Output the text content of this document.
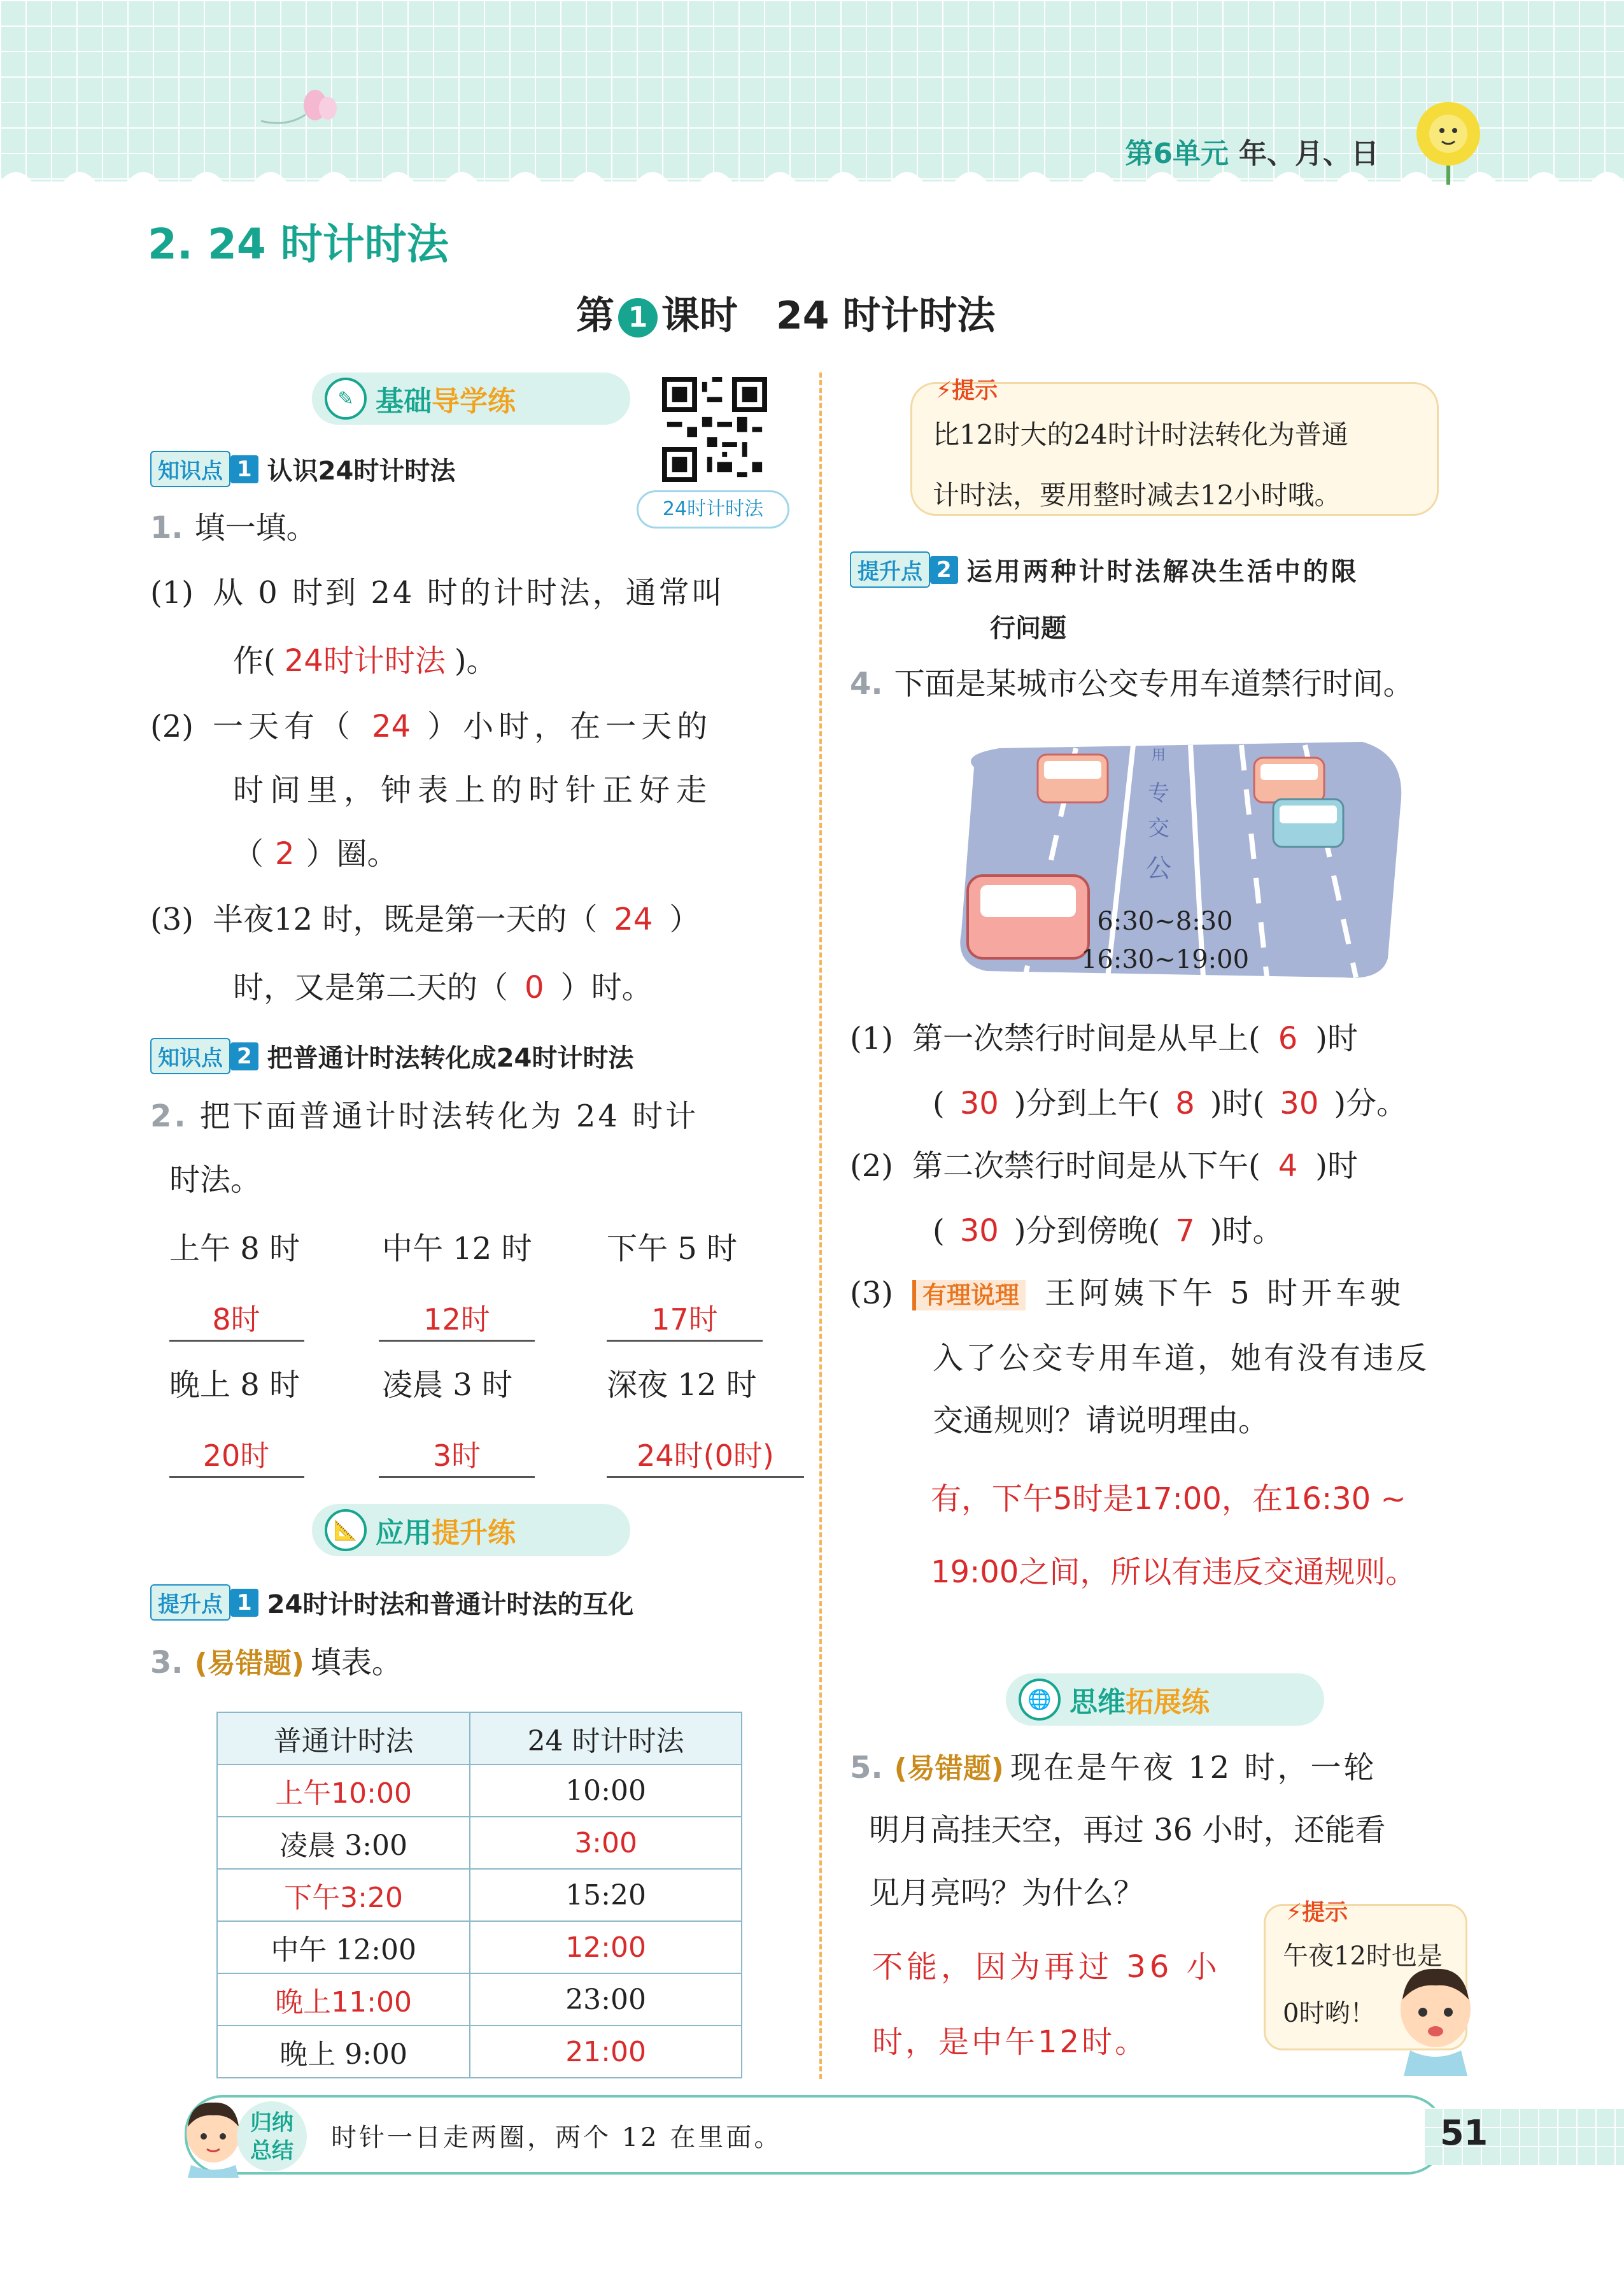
第6单元 年、月、日
2. 24 时计时法
第 1 课时 24 时计时法
✎ 基础 导学练
24时计时法
知识点 1 认识24时计时法
1. 填一填。
(1) 从 0 时到 24 时的计时法，通常叫
作( 24时计时法 )。
(2) 一天有（ 24 ）小时，在一天的
时间里，钟表上的时针正好走
（ 2 ）圈。
(3) 半夜12 时，既是第一天的（ 24 ）
时，又是第二天的（ 0 ）时。
知识点 2 把普通计时法转化成24时计时法
2. 把下面普通计时法转化为 24 时计
时法。
上午 8 时	中午 12 时 下午 5 时
8时	12时	17时
晚上 8 时	凌晨 3 时	深夜 12 时
20时	3时	24时(0时)
📐 应用 提升练
提升点 1 24时计时法和普通计时法的互化
3. (易错题) 填表。
普通计时法	24 时计时法
上午10:00	10:00
凌晨 3:00	3:00
下午3:20	15:20
中午 12:00	12:00
晚上11:00	23:00
晚上 9:00	21:00
⚡提示
比12时大的24时计时法转化为普通
计时法，要用整时减去12小时哦。
提升点 2 运用两种计时法解决生活中的限
行问题
4. 下面是某城市公交专用车道禁行时间。
用
专
交
公
6:30~8:30
16:30~19:00
(1) 第一次禁行时间是从早上( 6 )时
( 30 )分到上午( 8 )时( 30 )分。
(2) 第二次禁行时间是从下午( 4 )时
( 30 )分到傍晚( 7 )时。
(3) 有理说理 王阿姨下午 5 时开车驶
入了公交专用车道，她有没有违反
交通规则？请说明理由。
有，下午5时是17:00，在16:30 ~
19:00之间，所以有违反交通规则。
🌐 思维 拓展练
5. (易错题) 现在是午夜 12 时，一轮
明月高挂天空，再过 36 小时，还能看
见月亮吗？为什么？
不能，因为再过 36 小
时，是中午12时。
⚡提示
午夜12时也是
0时哟！
归纳
总结	时针一日走两圈，两个 12 在里面。	51
